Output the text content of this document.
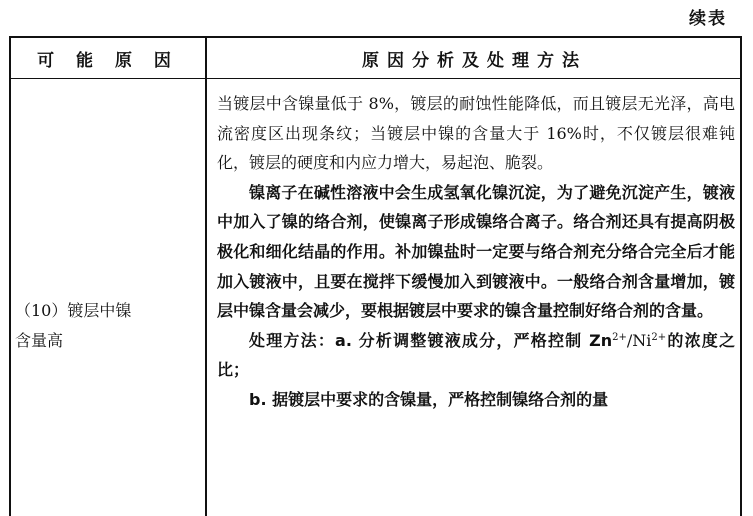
续表
可 能 原 因	原因分析及处理方法
（10）镀层中镍
含量高

当镀层中含镍量低于 8%，镀层的耐蚀性能降低，而且镀层无光泽，高电流密度区出现条纹；当镀层中镍的含量大于 16%时，不仅镀层很难钝化，镀层的硬度和内应力增大，易起泡、脆裂。

镍离子在碱性溶液中会生成氢氧化镍沉淀，为了避免沉淀产生，镀液中加入了镍的络合剂，使镍离子形成镍络合离子。络合剂还具有提高阴极极化和细化结晶的作用。补加镍盐时一定要与络合剂充分络合完全后才能加入镀液中，且要在搅拌下缓慢加入到镀液中。一般络合剂含量增加，镀层中镍含量会减少，要根据镀层中要求的镍含量控制好络合剂的含量。

处理方法：a. 分析调整镀液成分，严格控制 $Zn^{2+}/Ni^{2+}$的浓度之比；

b. 据镀层中要求的含镍量，严格控制镍络合剂的量
